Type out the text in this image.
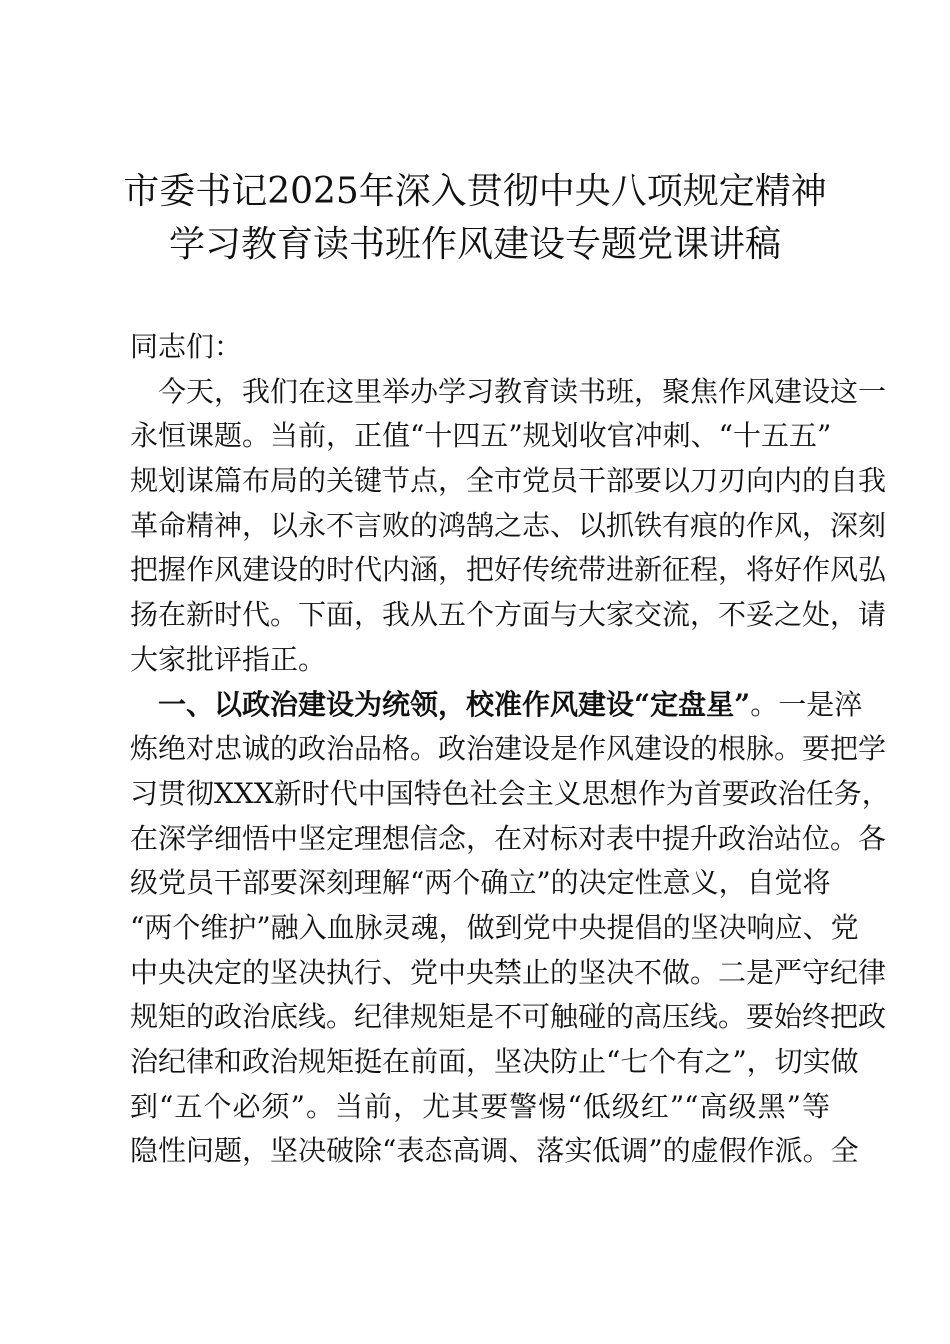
市委书记2025年深入贯彻中央八项规定精神
学习教育读书班作风建设专题党课讲稿
同志们：
今天，我们在这里举办学习教育读书班，聚焦作风建设这一
永恒课题。当前，正值“十四五”规划收官冲刺、“十五五”
规划谋篇布局的关键节点，全市党员干部要以刀刃向内的自我
革命精神，以永不言败的鸿鹄之志、以抓铁有痕的作风，深刻
把握作风建设的时代内涵，把好传统带进新征程，将好作风弘
扬在新时代。下面，我从五个方面与大家交流，不妥之处，请
大家批评指正。
一、以政治建设为统领，校准作风建设“定盘星”。一是淬
炼绝对忠诚的政治品格。政治建设是作风建设的根脉。要把学
习贯彻XXX新时代中国特色社会主义思想作为首要政治任务，
在深学细悟中坚定理想信念，在对标对表中提升政治站位。各
级党员干部要深刻理解“两个确立”的决定性意义，自觉将
“两个维护”融入血脉灵魂，做到党中央提倡的坚决响应、党
中央决定的坚决执行、党中央禁止的坚决不做。二是严守纪律
规矩的政治底线。纪律规矩是不可触碰的高压线。要始终把政
治纪律和政治规矩挺在前面，坚决防止“七个有之”，切实做
到“五个必须”。当前，尤其要警惕“低级红”“高级黑”等
隐性问题，坚决破除“表态高调、落实低调”的虚假作派。全
